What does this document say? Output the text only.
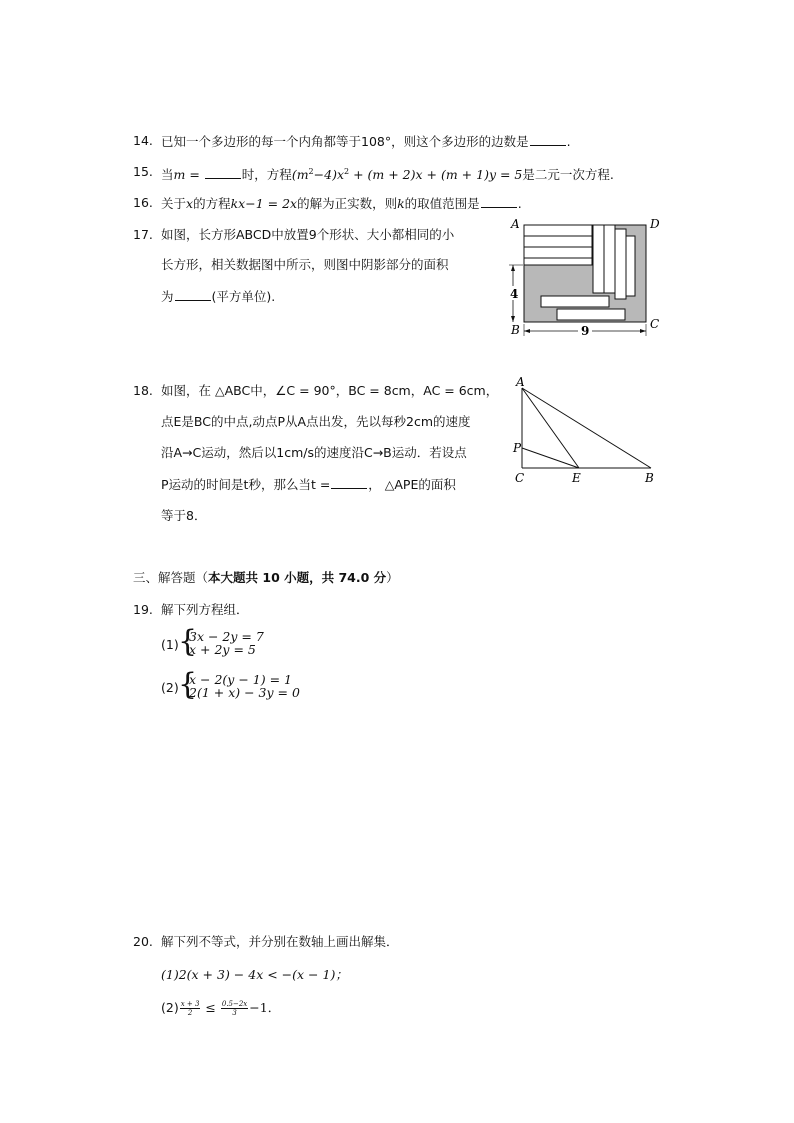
14. 已知一个多边形的每一个内角都等于108°，则这个多边形的边数是	.
15. 当m =	时，方程$(m^2-4)x^2 + (m + 2)x + (m + 1)y = 5$是二元一次方程.
16. 关于x的方程kx−1 = 2x的解为正实数，则k的取值范围是	.
17. 如图，长方形ABCD中放置9个形状、大小都相同的小
长方形，相关数据图中所示，则图中阴影部分的面积
为	(平方单位).	4
9
A	D
B	C
18. 如图，在 △ABC中，∠C = 90°，BC = 8cm，AC = 6cm，
点E是BC的中点,动点P从A点出发，先以每秒2cm的速度
沿A→C运动，然后以1cm/s的速度沿C→B运动．若设点
P运动的时间是t秒，那么当t =	， △APE的面积
等于8．
A
P
C	E	B
三、解答题（本大题共 10 小题，共 74.0 分）
19. 解下列方程组．
(1) {
3x − 2y = 7
x + 2y = 5
(2) {
x − 2(y − 1) = 1
2(1 + x) − 3y = 0
20. 解下列不等式，并分别在数轴上画出解集．
(1)2(x + 3) − 4x < −(x − 1)；
$(2) \frac{x + 3}{2} \le \frac{0.5-2x}{3} -1$．
